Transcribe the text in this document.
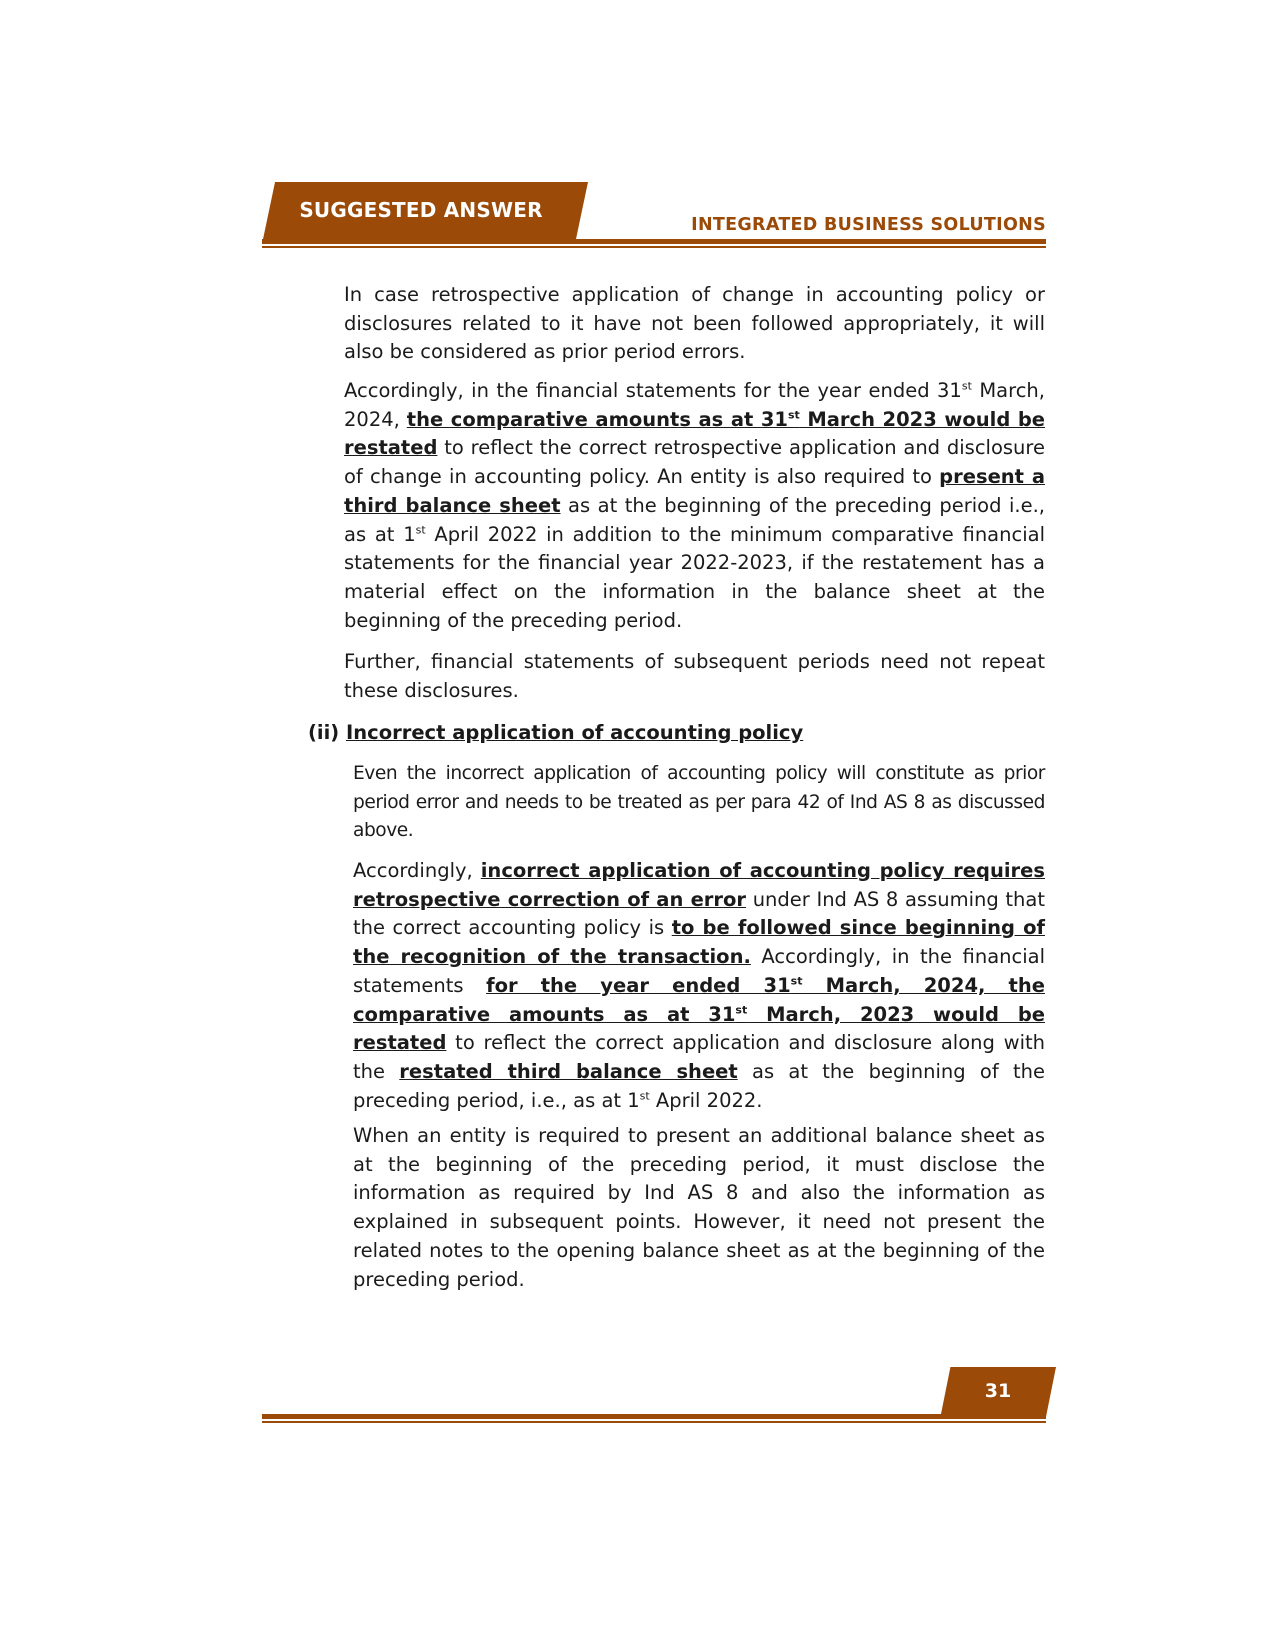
SUGGESTED ANSWER
INTEGRATED BUSINESS SOLUTIONS

In case retrospective application of change in accounting policy or disclosures related to it have not been followed appropriately, it will also be considered as prior period errors.

Accordingly, in the financial statements for the year ended 31st March, 2024, the comparative amounts as at 31st March 2023 would be restated to reflect the correct retrospective application and disclosure of change in accounting policy. An entity is also required to present a third balance sheet as at the beginning of the preceding period i.e., as at 1st April 2022 in addition to the minimum comparative financial statements for the financial year 2022-2023, if the restatement has a material effect on the information in the balance sheet at the beginning of the preceding period.

Further, financial statements of subsequent periods need not repeat these disclosures.

(ii) Incorrect application of accounting policy

Even the incorrect application of accounting policy will constitute as prior period error and needs to be treated as per para 42 of Ind AS 8 as discussed above.

Accordingly, incorrect application of accounting policy requires retrospective correction of an error under Ind AS 8 assuming that the correct accounting policy is to be followed since beginning of the recognition of the transaction. Accordingly, in the financial statements for the year ended 31st March, 2024, the comparative amounts as at 31st March, 2023 would be restated to reflect the correct application and disclosure along with the restated third balance sheet as at the beginning of the preceding period, i.e., as at 1st April 2022.

When an entity is required to present an additional balance sheet as at the beginning of the preceding period, it must disclose the information as required by Ind AS 8 and also the information as explained in subsequent points. However, it need not present the related notes to the opening balance sheet as at the beginning of the preceding period.

31
